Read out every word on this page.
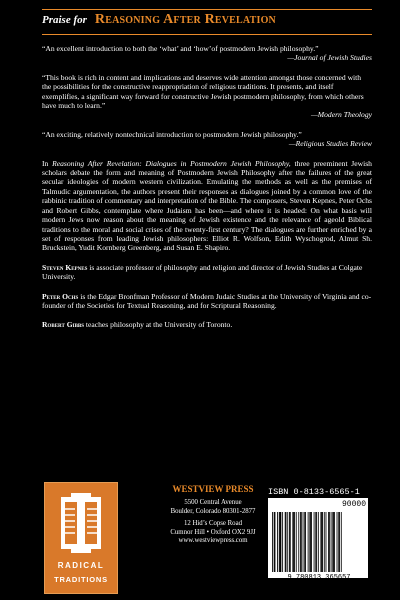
Praise for Reasoning After Revelation

“An excellent introduction to both the ‘what’ and ‘how’of postmodern Jewish philosophy.”

—Journal of Jewish Studies

“This book is rich in content and implications and deserves wide attention amongst those concerned with the possibilities for the constructive reappropriation of religious traditions. It presents, and itself exemplifies, a significant way forward for constructive Jewish postmodern philosophy, from which others have much to learn.”

—Modern Theology

“An exciting, relatively nontechnical introduction to postmodern Jewish philosophy.”

—Religious Studies Review

In Reasoning After Revelation: Dialogues in Postmodern Jewish Philosophy, three preeminent Jewish scholars debate the form and meaning of Postmodern Jewish Philosophy after the failures of the great secular ideologies of modern western civilization. Emulating the methods as well as the premises of Talmudic argumentation, the authors present their responses as dialogues joined by a common love of the rabbinic tradition of commentary and interpretation of the Bible. The composers, Steven Kepnes, Peter Ochs and Robert Gibbs, contemplate where Judaism has been—and where it is headed: On what basis will modern Jews now reason about the meaning of Jewish existence and the relevance of ageold Biblical traditions to the moral and social crises of the twenty-first century? The dialogues are further enriched by a set of responses from leading Jewish philosophers: Elliot R. Wolfson, Edith Wyschogrod, Almut Sh. Bruckstein, Yudit Kornberg Greenberg, and Susan E. Shapiro.

Steven Kepnes is associate professor of philosophy and religion and director of Jewish Studies at Colgate University.

Peter Ochs is the Edgar Bronfman Professor of Modern Judaic Studies at the University of Virginia and co-founder of the Societies for Textual Reasoning, and for Scriptural Reasoning.

Robert Gibbs teaches philosophy at the University of Toronto.

RADICAL
TRADITIONS
WESTVIEW PRESS
5500 Central Avenue
Boulder, Colorado 80301-2877
12 Hid’s Copse Road
Cumnor Hill • Oxford OX2 9JJ
www.westviewpress.com
ISBN 0-8133-6565-1
90000
9 780813 365657
